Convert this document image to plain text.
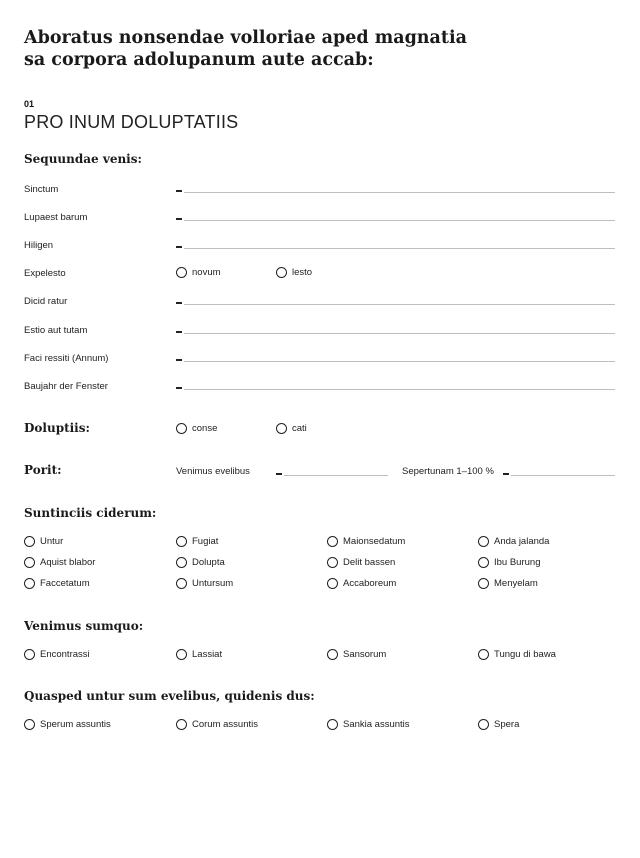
Aboratus nonsendae volloriae aped magnatia sa corpora adolupanum aute accab:
01
PRO INUM DOLUPTATIIS
Sequundae venis:
Sinctum
Lupaest barum
Hiligen
Expelesto	novum	lesto
Dicid ratur
Estio aut tutam
Faci ressiti (Annum)
Baujahr der Fenster
Doluptiis:	conse	cati
Porit:	Venimus evelibus	Sepertunam 1–100 %
Suntinciis ciderum:
Untur	Fugiat	Maionsedatum	Anda jalanda
Aquist blabor	Dolupta	Delit bassen	Ibu Burung
Faccetatum	Untursum	Accaboreum	Menyelam
Venimus sumquo:
Encontrassi	Lassiat	Sansorum	Tungu di bawa
Quasped untur sum evelibus, quidenis dus:
Sperum assuntis	Corum assuntis	Sankia assuntis	Spera
